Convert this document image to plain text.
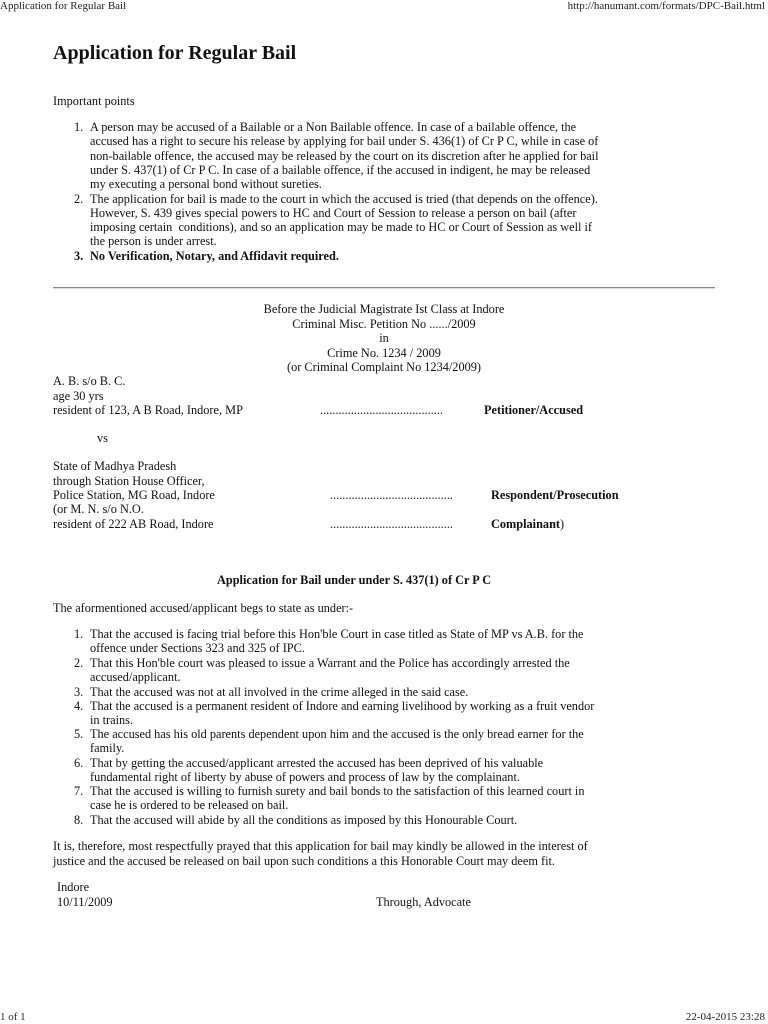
Application for Regular Bail	http://hanumant.com/formats/DPC-Bail.html
Application for Regular Bail
Important points
1. A person may be accused of a Bailable or a Non Bailable offence. In case of a bailable offence, the
accused has a right to secure his release by applying for bail under S. 436(1) of Cr P C, while in case of
non-bailable offence, the accused may be released by the court on its discretion after he applied for bail
under S. 437(1) of Cr P C. In case of a bailable offence, if the accused in indigent, he may be released
my executing a personal bond without sureties.
2. The application for bail is made to the court in which the accused is tried (that depends on the offence).
However, S. 439 gives special powers to HC and Court of Session to release a person on bail (after
imposing certain  conditions), and so an application may be made to HC or Court of Session as well if
the person is under arrest.
3. No Verification, Notary, and Affidavit required.
Before the Judicial Magistrate Ist Class at Indore
Criminal Misc. Petition No ....../2009
in
Crime No. 1234 / 2009
(or Criminal Complaint No 1234/2009)
A. B. s/o B. C.
age 30 yrs
resident of 123, A B Road, Indore, MP	........................................	Petitioner/Accused
vs
State of Madhya Pradesh
through Station House Officer,
Police Station, MG Road, Indore	........................................	Respondent/Prosecution
(or M. N. s/o N.O.
resident of 222 AB Road, Indore	........................................	Complainant)
Application for Bail under under S. 437(1) of Cr P C
The aformentioned accused/applicant begs to state as under:-
1. That the accused is facing trial before this Hon'ble Court in case titled as State of MP vs A.B. for the
offence under Sections 323 and 325 of IPC.
2. That this Hon'ble court was pleased to issue a Warrant and the Police has accordingly arrested the
accused/applicant.
3. That the accused was not at all involved in the crime alleged in the said case.
4. That the accused is a permanent resident of Indore and earning livelihood by working as a fruit vendor
in trains.
5. The accused has his old parents dependent upon him and the accused is the only bread earner for the
family.
6. That by getting the accused/applicant arrested the accused has been deprived of his valuable
fundamental right of liberty by abuse of powers and process of law by the complainant.
7. That the accused is willing to furnish surety and bail bonds to the satisfaction of this learned court in
case he is ordered to be released on bail.
8. That the accused will abide by all the conditions as imposed by this Honourable Court.
It is, therefore, most respectfully prayed that this application for bail may kindly be allowed in the interest of
justice and the accused be released on bail upon such conditions a this Honorable Court may deem fit.
Indore
10/11/2009	Through, Advocate
1 of 1	22-04-2015 23:28
